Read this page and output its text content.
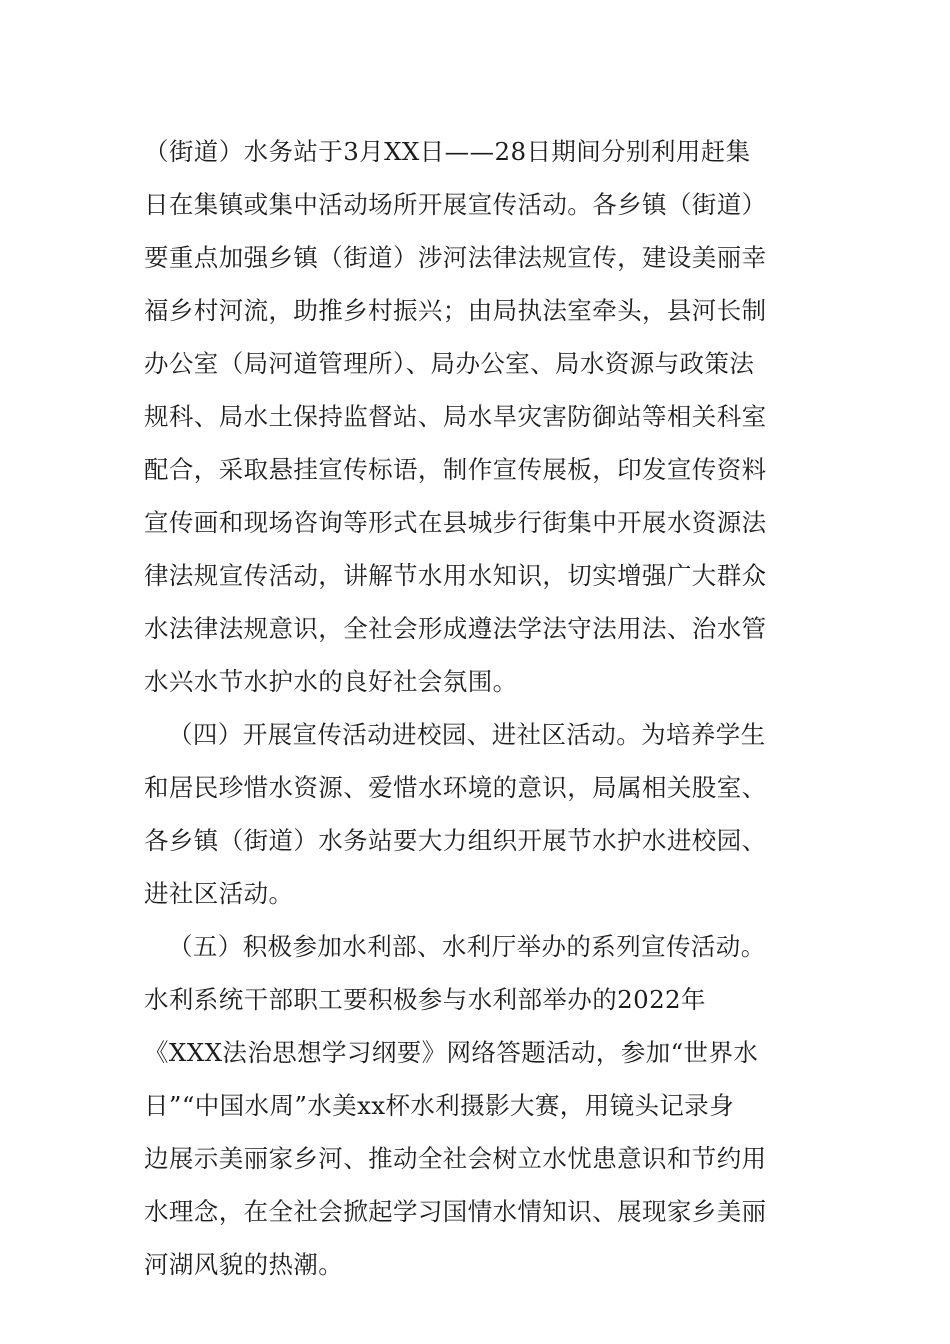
（街道）水务站于3月XX日——28日期间分别利用赶集
日在集镇或集中活动场所开展宣传活动。各乡镇（街道）
要重点加强乡镇（街道）涉河法律法规宣传，建设美丽幸
福乡村河流，助推乡村振兴；由局执法室牵头，县河长制
办公室（局河道管理所）、局办公室、局水资源与政策法
规科、局水土保持监督站、局水旱灾害防御站等相关科室
配合，采取悬挂宣传标语，制作宣传展板，印发宣传资料
宣传画和现场咨询等形式在县城步行街集中开展水资源法
律法规宣传活动，讲解节水用水知识，切实增强广大群众
水法律法规意识，全社会形成遵法学法守法用法、治水管
水兴水节水护水的良好社会氛围。
（四）开展宣传活动进校园、进社区活动。为培养学生
和居民珍惜水资源、爱惜水环境的意识，局属相关股室、
各乡镇（街道）水务站要大力组织开展节水护水进校园、
进社区活动。
（五）积极参加水利部、水利厅举办的系列宣传活动。
水利系统干部职工要积极参与水利部举办的2022年
《XXX法治思想学习纲要》网络答题活动，参加“世界水
日”“中国水周”水美xx杯水利摄影大赛，用镜头记录身
边展示美丽家乡河、推动全社会树立水忧患意识和节约用
水理念，在全社会掀起学习国情水情知识、展现家乡美丽
河湖风貌的热潮。
